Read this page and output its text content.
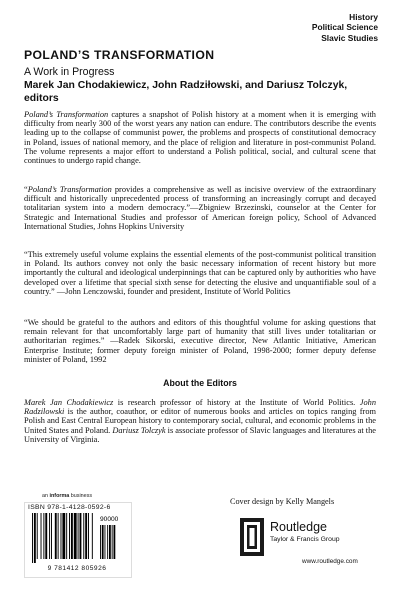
History
Political Science
Slavic Studies
POLAND’S TRANSFORMATION
A Work in Progress
Marek Jan Chodakiewicz, John Radziłowski, and Dariusz Tolczyk, editors

Poland’s Transformation captures a snapshot of Polish history at a moment when it is emerging with difficulty from nearly 300 of the worst years any nation can endure. The contributors describe the events leading up to the collapse of communist power, the problems and prospects of constitutional democracy in Poland, issues of national memory, and the place of religion and literature in post-communist Poland. The volume represents a major effort to understand a Polish political, social, and cultural scene that continues to undergo rapid change.

“Poland’s Transformation provides a comprehensive as well as incisive overview of the extraordinary difficult and historically unprecedented process of transforming an increasingly corrupt and decayed totalitarian system into a modern democracy.”—Zbigniew Brzezinski, counselor at the Center for Strategic and International Studies and professor of American foreign policy, School of Advanced International Studies, Johns Hopkins University

“This extremely useful volume explains the essential elements of the post-communist political transition in Poland. Its authors convey not only the basic necessary information of recent history but more importantly the cultural and ideological underpinnings that can be captured only by authorities who have developed over a lifetime that special sixth sense for detecting the elusive and unquantifiable soul of a country.” —John Lenczowski, founder and president, Institute of World Politics

“We should be grateful to the authors and editors of this thoughtful volume for asking questions that remain relevant for that uncomfortably large part of humanity that still lives under totalitarian or authoritarian regimes.” —Radek Sikorski, executive director, New Atlantic Initiative, American Enterprise Institute; former deputy foreign minister of Poland, 1998-2000; former deputy defense minister of Poland, 1992

About the Editors

Marek Jan Chodakiewicz is research professor of history at the Institute of World Politics. John Radzilowski is the author, coauthor, or editor of numerous books and articles on topics ranging from Polish and East Central European history to contemporary social, cultural, and economic problems in the United States and Poland. Dariusz Tolczyk is associate professor of Slavic languages and literatures at the University of Virginia.

an informa business
ISBN 978-1-4128-0592-6
90000
9 781412 805926
Cover design by Kelly Mangels
Routledge
Taylor & Francis Group
www.routledge.com
